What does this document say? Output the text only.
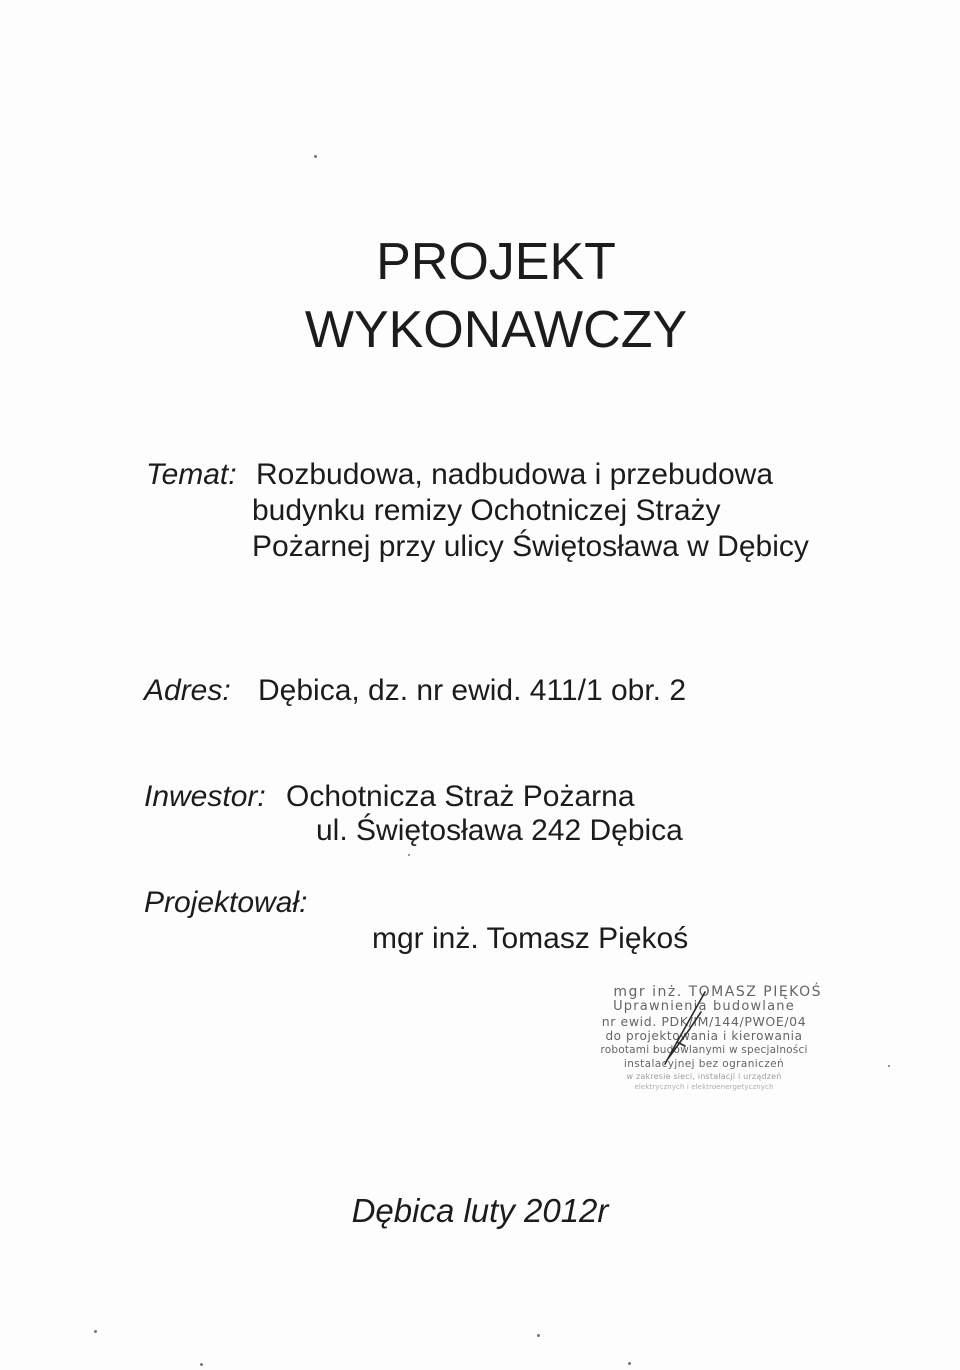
PROJEKT
WYKONAWCZY
Temat: Rozbudowa, nadbudowa i przebudowa
budynku remizy Ochotniczej Straży
Pożarnej przy ulicy Świętosława w Dębicy
Adres: Dębica, dz. nr ewid. 411/1 obr. 2
Inwestor: Ochotnicza Straż Pożarna
ul. Świętosława 242 Dębica
Projektował:
mgr inż. Tomasz Piękoś
mgr inż. TOMASZ PIĘKOŚ
Uprawnienia budowlane
nr ewid. PDK/IM/144/PWOE/04
do projektowania i kierowania
robotami budowlanymi w specjalności
instalacyjnej bez ograniczeń
w zakresie sieci, instalacji i urządzeń
elektrycznych i elektroenergetycznych
Dębica luty 2012r
